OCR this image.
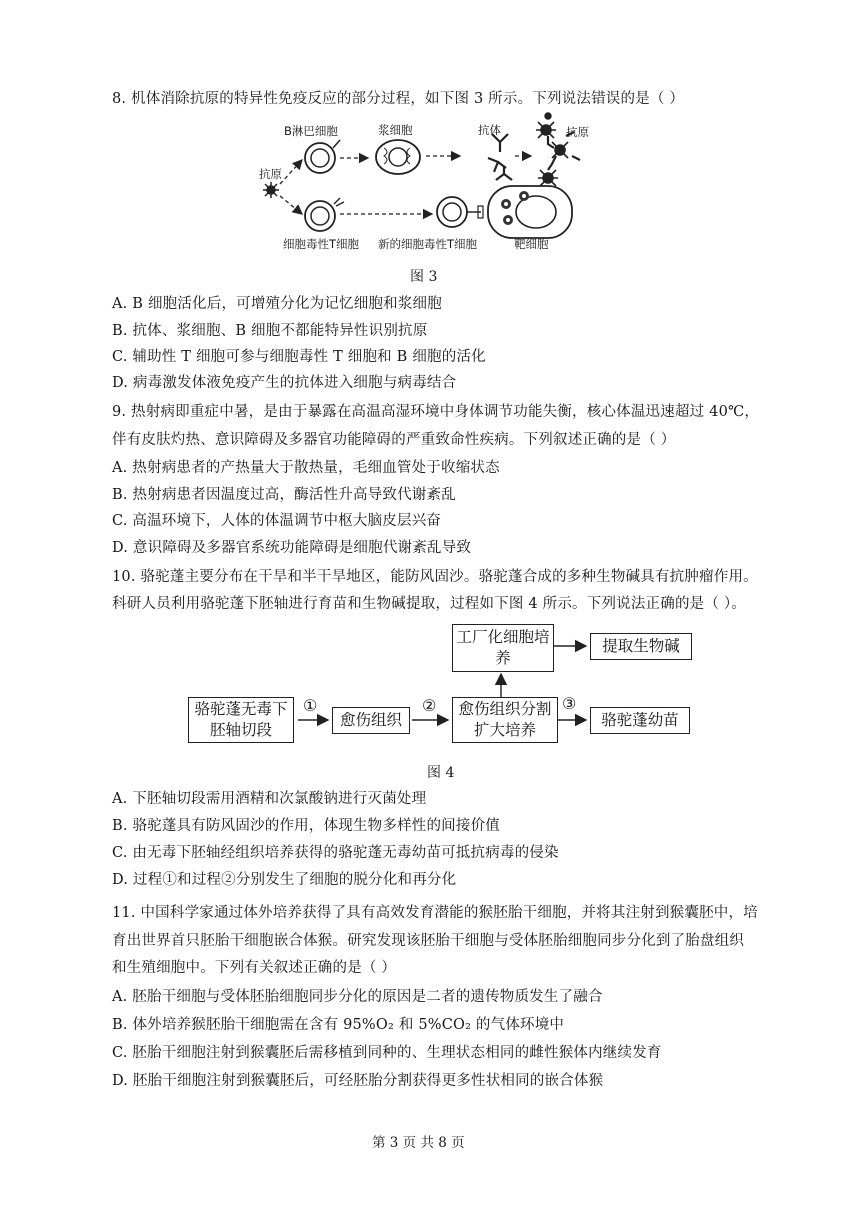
8. 机体消除抗原的特异性免疫反应的部分过程，如下图 3 所示。下列说法错误的是（ ）
B淋巴细胞	浆细胞	抗体	抗原
抗原
细胞毒性T细胞 新的细胞毒性T细胞	靶细胞
图 3
A. B 细胞活化后，可增殖分化为记忆细胞和浆细胞
B. 抗体、浆细胞、B 细胞不都能特异性识别抗原
C. 辅助性 T 细胞可参与细胞毒性 T 细胞和 B 细胞的活化
D. 病毒激发体液免疫产生的抗体进入细胞与病毒结合
9. 热射病即重症中暑，是由于暴露在高温高湿环境中身体调节功能失衡，核心体温迅速超过 40℃，
伴有皮肤灼热、意识障碍及多器官功能障碍的严重致命性疾病。下列叙述正确的是（ ）
A. 热射病患者的产热量大于散热量，毛细血管处于收缩状态
B. 热射病患者因温度过高，酶活性升高导致代谢紊乱
C. 高温环境下，人体的体温调节中枢大脑皮层兴奋
D. 意识障碍及多器官系统功能障碍是细胞代谢紊乱导致
10. 骆驼蓬主要分布在干旱和半干旱地区，能防风固沙。骆驼蓬合成的多种生物碱具有抗肿瘤作用。
科研人员利用骆驼蓬下胚轴进行育苗和生物碱提取，过程如下图 4 所示。下列说法正确的是（ ）。
骆驼蓬无毒下胚轴切段
愈伤组织
愈伤组织分割扩大培养
工厂化细胞培养
提取生物碱
骆驼蓬幼苗
①	②	③
图 4
A. 下胚轴切段需用酒精和次氯酸钠进行灭菌处理
B. 骆驼蓬具有防风固沙的作用，体现生物多样性的间接价值
C. 由无毒下胚轴经组织培养获得的骆驼蓬无毒幼苗可抵抗病毒的侵染
D. 过程①和过程②分别发生了细胞的脱分化和再分化
11. 中国科学家通过体外培养获得了具有高效发育潜能的猴胚胎干细胞，并将其注射到猴囊胚中，培
育出世界首只胚胎干细胞嵌合体猴。研究发现该胚胎干细胞与受体胚胎细胞同步分化到了胎盘组织
和生殖细胞中。下列有关叙述正确的是（ ）
A. 胚胎干细胞与受体胚胎细胞同步分化的原因是二者的遗传物质发生了融合
B. 体外培养猴胚胎干细胞需在含有 95%O₂ 和 5%CO₂ 的气体环境中
C. 胚胎干细胞注射到猴囊胚后需移植到同种的、生理状态相同的雌性猴体内继续发育
D. 胚胎干细胞注射到猴囊胚后，可经胚胎分割获得更多性状相同的嵌合体猴
第 3 页 共 8 页
